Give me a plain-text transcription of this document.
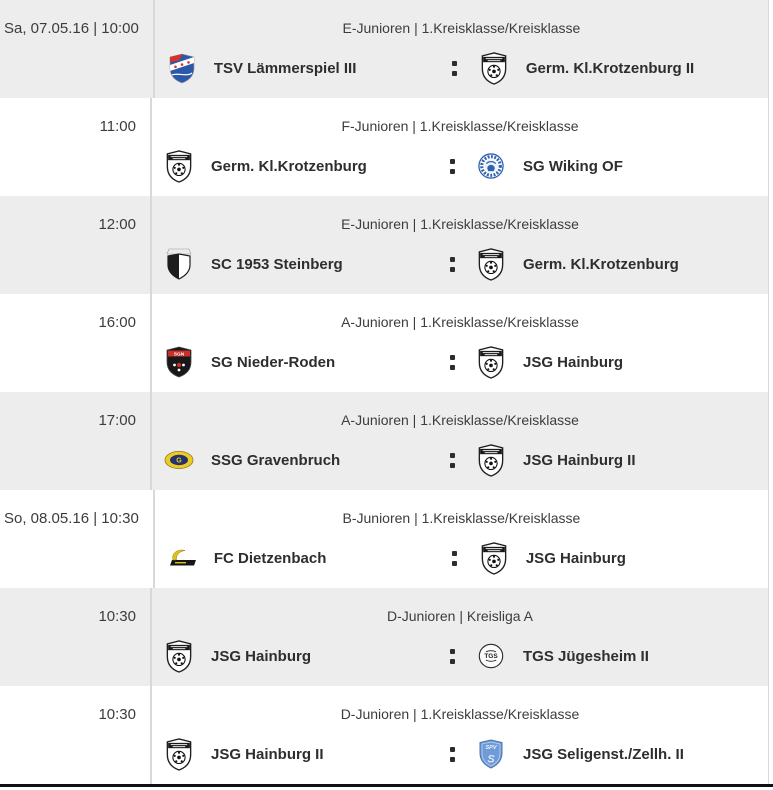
Sa, 07.05.16 | 10:00	E-Junioren | 1.Kreisklasse/Kreisklasse
TSV Lämmerspiel III	Germ. Kl.Krotzenburg II
11:00	F-Junioren | 1.Kreisklasse/Kreisklasse
Germ. Kl.Krotzenburg	SG Wiking OF
12:00	E-Junioren | 1.Kreisklasse/Kreisklasse
SC 1953 Steinberg	Germ. Kl.Krotzenburg
16:00	A-Junioren | 1.Kreisklasse/Kreisklasse
SG Nieder-Roden	JSG Hainburg
17:00	A-Junioren | 1.Kreisklasse/Kreisklasse
SSG Gravenbruch	JSG Hainburg II
So, 08.05.16 | 10:30	B-Junioren | 1.Kreisklasse/Kreisklasse
FC Dietzenbach	JSG Hainburg
10:30	D-Junioren | Kreisliga A
JSG Hainburg	TGS Jügesheim II
10:30	D-Junioren | 1.Kreisklasse/Kreisklasse
JSG Hainburg II	JSG Seligenst./Zellh. II
